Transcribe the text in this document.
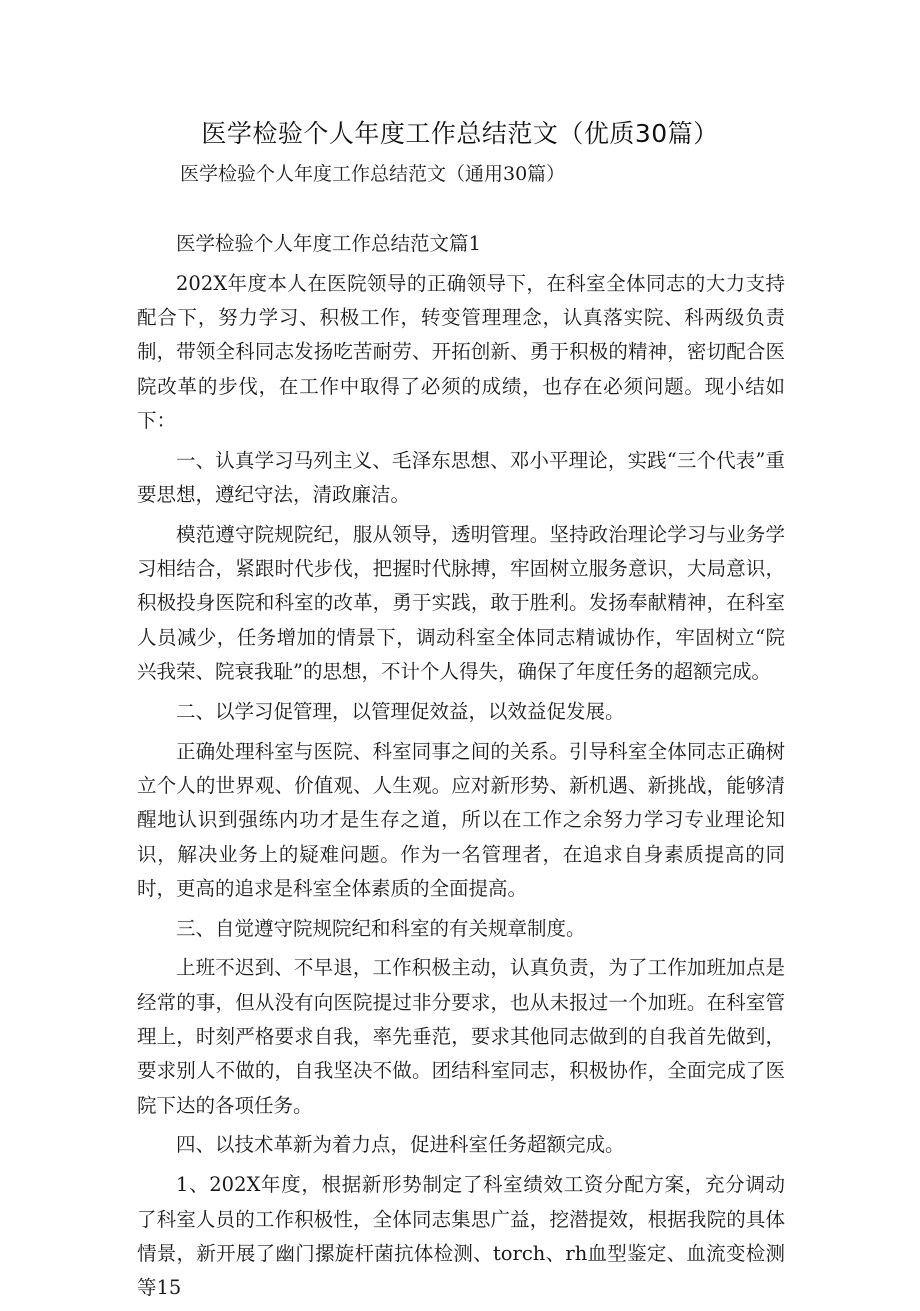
医学检验个人年度工作总结范文（优质30篇）
医学检验个人年度工作总结范文（通用30篇）

医学检验个人年度工作总结范文篇1

202X年度本人在医院领导的正确领导下，在科室全体同志的大力支持配合下，努力学习、积极工作，转变管理理念，认真落实院、科两级负责制，带领全科同志发扬吃苦耐劳、开拓创新、勇于积极的精神，密切配合医院改革的步伐，在工作中取得了必须的成绩，也存在必须问题。现小结如下：

一、认真学习马列主义、毛泽东思想、邓小平理论，实践“三个代表”重要思想，遵纪守法，清政廉洁。

模范遵守院规院纪，服从领导，透明管理。坚持政治理论学习与业务学习相结合，紧跟时代步伐，把握时代脉搏，牢固树立服务意识，大局意识，积极投身医院和科室的改革，勇于实践，敢于胜利。发扬奉献精神，在科室人员减少，任务增加的情景下，调动科室全体同志精诚协作，牢固树立“院兴我荣、院衰我耻”的思想，不计个人得失，确保了年度任务的超额完成。

二、以学习促管理，以管理促效益，以效益促发展。

正确处理科室与医院、科室同事之间的关系。引导科室全体同志正确树立个人的世界观、价值观、人生观。应对新形势、新机遇、新挑战，能够清醒地认识到强练内功才是生存之道，所以在工作之余努力学习专业理论知识，解决业务上的疑难问题。作为一名管理者，在追求自身素质提高的同时，更高的追求是科室全体素质的全面提高。

三、自觉遵守院规院纪和科室的有关规章制度。

上班不迟到、不早退，工作积极主动，认真负责，为了工作加班加点是经常的事，但从没有向医院提过非分要求，也从未报过一个加班。在科室管理上，时刻严格要求自我，率先垂范，要求其他同志做到的自我首先做到，要求别人不做的，自我坚决不做。团结科室同志，积极协作，全面完成了医院下达的各项任务。

四、以技术革新为着力点，促进科室任务超额完成。

1、202X年度，根据新形势制定了科室绩效工资分配方案，充分调动了科室人员的工作积极性，全体同志集思广益，挖潜提效，根据我院的具体情景，新开展了幽门摞旋杆菌抗体检测、torch、rh血型鉴定、血流变检测等15
